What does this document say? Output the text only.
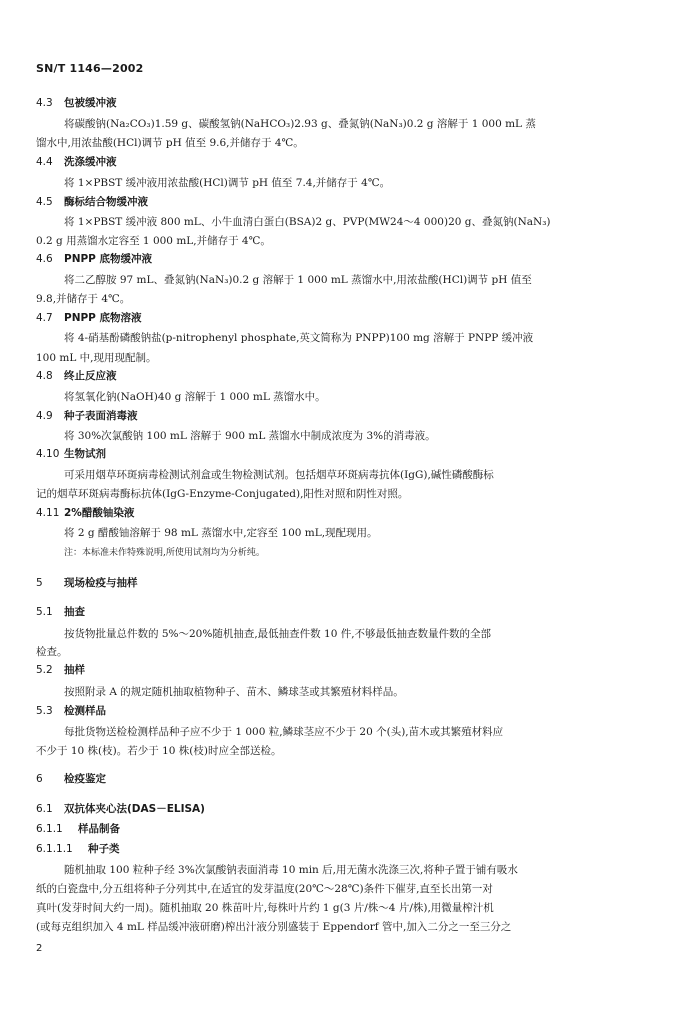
SN/T 1146—2002
4.3 包被缓冲液
将碳酸钠(Na₂CO₃)1.59 g、碳酸氢钠(NaHCO₃)2.93 g、叠氮钠(NaN₃)0.2 g 溶解于 1 000 mL 蒸
馏水中,用浓盐酸(HCl)调节 pH 值至 9.6,并储存于 4℃。
4.4 洗涤缓冲液
将 1×PBST 缓冲液用浓盐酸(HCl)调节 pH 值至 7.4,并储存于 4℃。
4.5 酶标结合物缓冲液
将 1×PBST 缓冲液 800 mL、小牛血清白蛋白(BSA)2 g、PVP(MW24～4 000)20 g、叠氮钠(NaN₃)
0.2 g 用蒸馏水定容至 1 000 mL,并储存于 4℃。
4.6 PNPP 底物缓冲液
将二乙醇胺 97 mL、叠氮钠(NaN₃)0.2 g 溶解于 1 000 mL 蒸馏水中,用浓盐酸(HCl)调节 pH 值至
9.8,并储存于 4℃。
4.7 PNPP 底物溶液
将 4-硝基酚磷酸钠盐(p-nitrophenyl phosphate,英文简称为 PNPP)100 mg 溶解于 PNPP 缓冲液
100 mL 中,现用现配制。
4.8 终止反应液
将氢氧化钠(NaOH)40 g 溶解于 1 000 mL 蒸馏水中。
4.9 种子表面消毒液
将 30%次氯酸钠 100 mL 溶解于 900 mL 蒸馏水中制成浓度为 3%的消毒液。
4.10 生物试剂
可采用烟草环斑病毒检测试剂盒或生物检测试剂。包括烟草环斑病毒抗体(IgG),碱性磷酸酶标
记的烟草环斑病毒酶标抗体(IgG-Enzyme-Conjugated),阳性对照和阴性对照。
4.11 2%醋酸铀染液
将 2 g 醋酸铀溶解于 98 mL 蒸馏水中,定容至 100 mL,现配现用。
注：本标准未作特殊说明,所使用试剂均为分析纯。
5 现场检疫与抽样
5.1 抽查
按货物批量总件数的 5%～20%随机抽查,最低抽查件数 10 件,不够最低抽查数量件数的全部
检查。
5.2 抽样
按照附录 A 的规定随机抽取植物种子、苗木、鳞球茎或其繁殖材料样品。
5.3 检测样品
每批货物送检检测样品种子应不少于 1 000 粒,鳞球茎应不少于 20 个(头),苗木或其繁殖材料应
不少于 10 株(枝)。若少于 10 株(枝)时应全部送检。
6 检疫鉴定
6.1 双抗体夹心法(DAS－ELISA)
6.1.1 样品制备
6.1.1.1 种子类
随机抽取 100 粒种子经 3%次氯酸钠表面消毒 10 min 后,用无菌水洗涤三次,将种子置于铺有吸水
纸的白瓷盘中,分五组将种子分列其中,在适宜的发芽温度(20℃～28℃)条件下催芽,直至长出第一对
真叶(发芽时间大约一周)。随机抽取 20 株苗叶片,每株叶片约 1 g(3 片/株～4 片/株),用微量榨汁机
(或每克组织加入 4 mL 样品缓冲液研磨)榨出汁液分别盛装于 Eppendorf 管中,加入二分之一至三分之
2
